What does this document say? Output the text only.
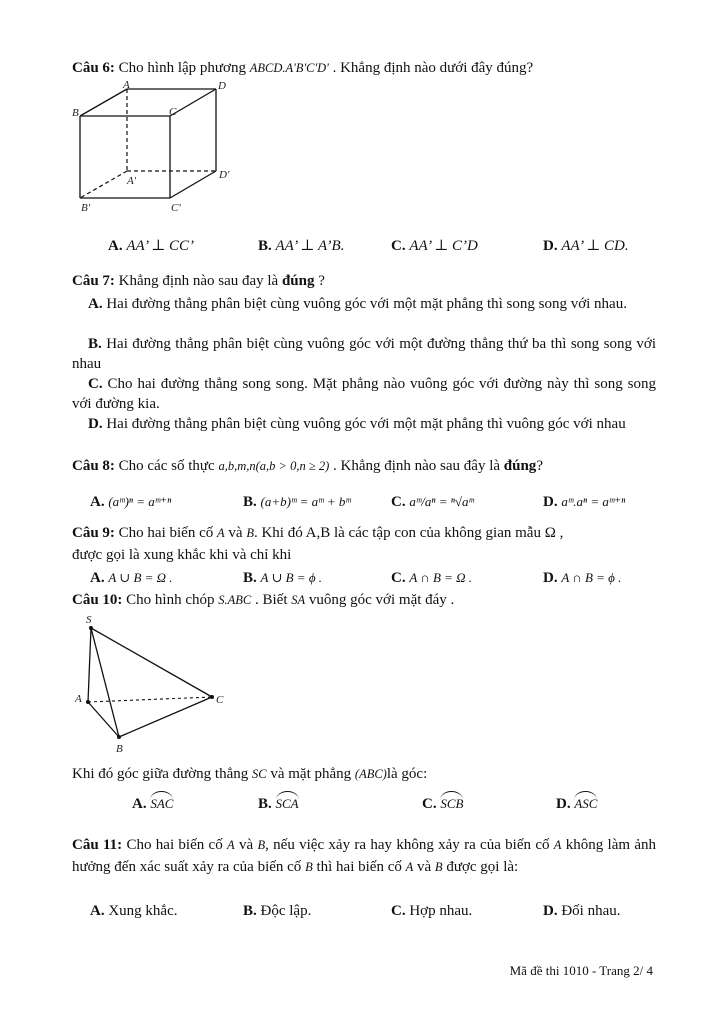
Câu 6: Cho hình lập phương ABCD.A'B'C'D' . Khẳng định nào dưới đây đúng?
A	D
B	C
A'	D'
B'	C'
A. AA’ ⊥ CC’	B. AA’ ⊥ A’B.	C. AA’ ⊥ C’D	D. AA’ ⊥ CD.
Câu 7: Khẳng định nào sau đay là đúng ?
A. Hai đường thẳng phân biệt cùng vuông góc với một mặt phẳng thì song song với nhau.
B. Hai đường thẳng phân biệt cùng vuông góc với một đường thẳng thứ ba thì song song với nhau
C. Cho hai đường thẳng song song. Mặt phẳng nào vuông góc với đường này thì song song với đường kia.
D. Hai đường thẳng phân biệt cùng vuông góc với một mặt phẳng thì vuông góc với nhau
Câu 8: Cho các số thực a,b,m,n(a,b > 0,n ≥ 2) . Khẳng định nào sau đây là đúng?
A. (aᵐ)ⁿ = aᵐ⁺ⁿ	B. (a+b)ᵐ = aᵐ + bᵐ	C. aᵐ/aⁿ = ⁿ√aᵐ	D. aᵐ.aⁿ = aᵐ⁺ⁿ
Câu 9: Cho hai biến cố A và B. Khi đó A,B là các tập con của không gian mẫu Ω ,
được gọi là xung khắc khi và chỉ khi
A. A ∪ B = Ω .	B. A ∪ B = ϕ .	C. A ∩ B = Ω .	D. A ∩ B = ϕ .
Câu 10: Cho hình chóp S.ABC . Biết SA vuông góc với mặt đáy .
S
A	C
B
Khi đó góc giữa đường thẳng SC và mặt phẳng (ABC)là góc:
A. SAC	B. SCA	C. SCB	D. ASC
Câu 11: Cho hai biến cố A và B, nếu việc xảy ra hay không xảy ra của biến cố A không làm ảnh hưởng đến xác suất xảy ra của biến cố B thì hai biến cố A và B được gọi là:
A. Xung khắc.	B. Độc lập.	C. Hợp nhau.	D. Đối nhau.
Mã đề thi 1010 - Trang 2/ 4
